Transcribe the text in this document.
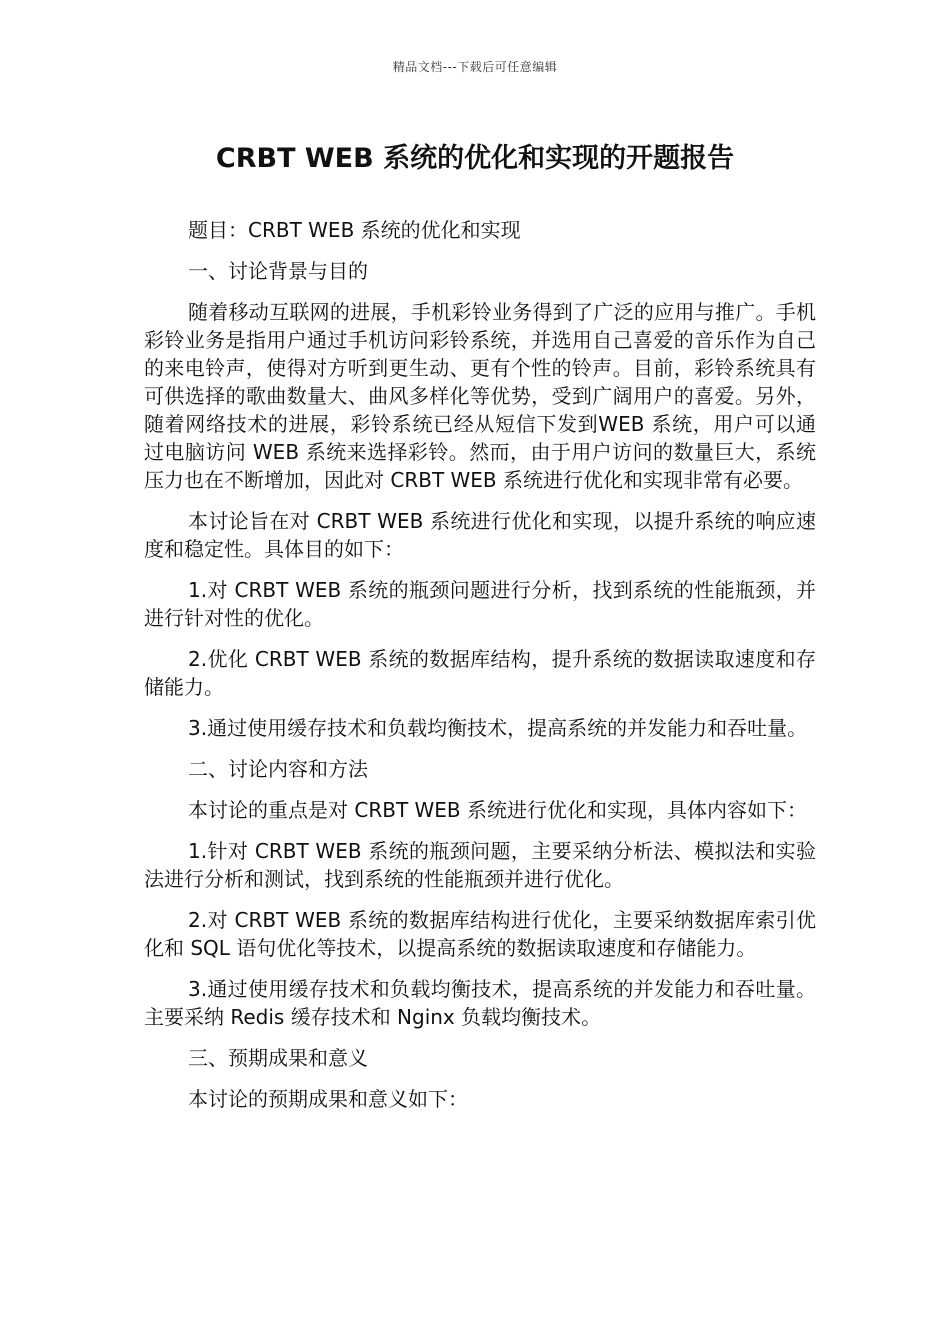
精品文档---下载后可任意编辑
CRBT WEB 系统的优化和实现的开题报告

题目：CRBT WEB 系统的优化和实现

一、讨论背景与目的

随着移动互联网的进展，手机彩铃业务得到了广泛的应用与推广。手机彩铃业务是指用户通过手机访问彩铃系统，并选用自己喜爱的音乐作为自己的来电铃声，使得对方听到更生动、更有个性的铃声。目前，彩铃系统具有可供选择的歌曲数量大、曲风多样化等优势，受到广阔用户的喜爱。另外，随着网络技术的进展，彩铃系统已经从短信下发到WEB 系统，用户可以通过电脑访问 WEB 系统来选择彩铃。然而，由于用户访问的数量巨大，系统压力也在不断增加，因此对 CRBT WEB 系统进行优化和实现非常有必要。

本讨论旨在对 CRBT WEB 系统进行优化和实现，以提升系统的响应速度和稳定性。具体目的如下：

1.对 CRBT WEB 系统的瓶颈问题进行分析，找到系统的性能瓶颈，并进行针对性的优化。

2.优化 CRBT WEB 系统的数据库结构，提升系统的数据读取速度和存储能力。

3.通过使用缓存技术和负载均衡技术，提高系统的并发能力和吞吐量。

二、讨论内容和方法

本讨论的重点是对 CRBT WEB 系统进行优化和实现，具体内容如下：

1.针对 CRBT WEB 系统的瓶颈问题，主要采纳分析法、模拟法和实验法进行分析和测试，找到系统的性能瓶颈并进行优化。

2.对 CRBT WEB 系统的数据库结构进行优化，主要采纳数据库索引优化和 SQL 语句优化等技术，以提高系统的数据读取速度和存储能力。

3.通过使用缓存技术和负载均衡技术，提高系统的并发能力和吞吐量。主要采纳 Redis 缓存技术和 Nginx 负载均衡技术。

三、预期成果和意义

本讨论的预期成果和意义如下：
